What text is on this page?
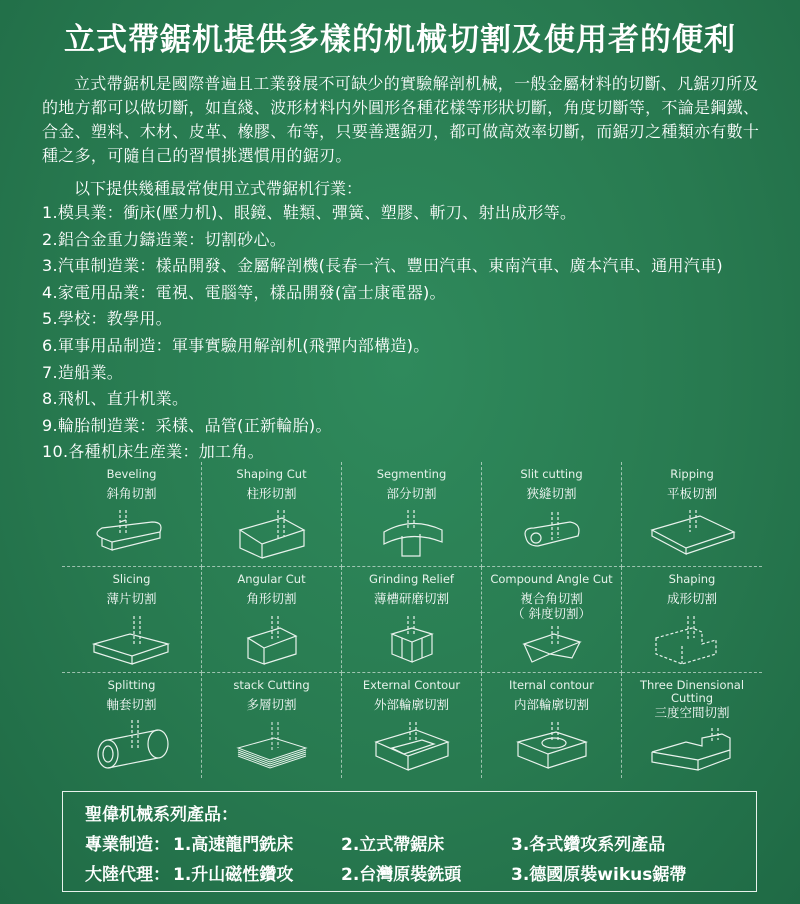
立式帶鋸机提供多樣的机械切割及使用者的便利

立式帶鋸机是國際普遍且工業發展不可缺少的實驗解剖机械，一般金屬材料的切斷、凡鋸刃所及的地方都可以做切斷，如直綫、波形材料内外圓形各種花樣等形狀切斷，角度切斷等，不論是鋼鐵、合金、塑料、木材、皮革、橡膠、布等，只要善選鋸刃，都可做高效率切斷，而鋸刃之種類亦有數十種之多，可隨自己的習慣挑選慣用的鋸刃。

以下提供幾種最常使用立式帶鋸机行業：
1.模具業：衝床(壓力机)、眼鏡、鞋類、彈簧、塑膠、斬刀、射出成形等。
2.鋁合金重力鑄造業：切割砂心。
3.汽車制造業：樣品開發、金屬解剖機(長春一汽、豐田汽車、東南汽車、廣本汽車、通用汽車)
4.家電用品業：電視、電腦等，樣品開發(富士康電器)。
5.學校：教學用。
6.軍事用品制造：軍事實驗用解剖机(飛彈内部構造)。
7.造船業。
8.飛机、直升机業。
9.輪胎制造業：采樣、品管(正新輪胎)。
10.各種机床生産業：加工角。
Beveling
斜角切割
Shaping Cut
柱形切割
Segmenting
部分切割
Slit cutting
狹縫切割
Ripping
平板切割
Slicing
薄片切割
Angular Cut
角形切割
Grinding Relief
薄槽研磨切割
Compound Angle Cut
複合角切割
（ 斜度切割）
Shaping
成形切割
Splitting
軸套切割
stack Cutting
多層切割
External Contour
外部輪廓切割
Iternal contour
内部輪廓切割
Three Dinensional
Cutting
三度空間切割
聖偉机械系列產品：
專業制造： 1.高速龍門銑床	2.立式帶鋸床	3.各式鑽攻系列產品
大陸代理： 1.升山磁性鑽攻	2.台灣原裝銑頭	3.德國原裝wikus鋸帶
